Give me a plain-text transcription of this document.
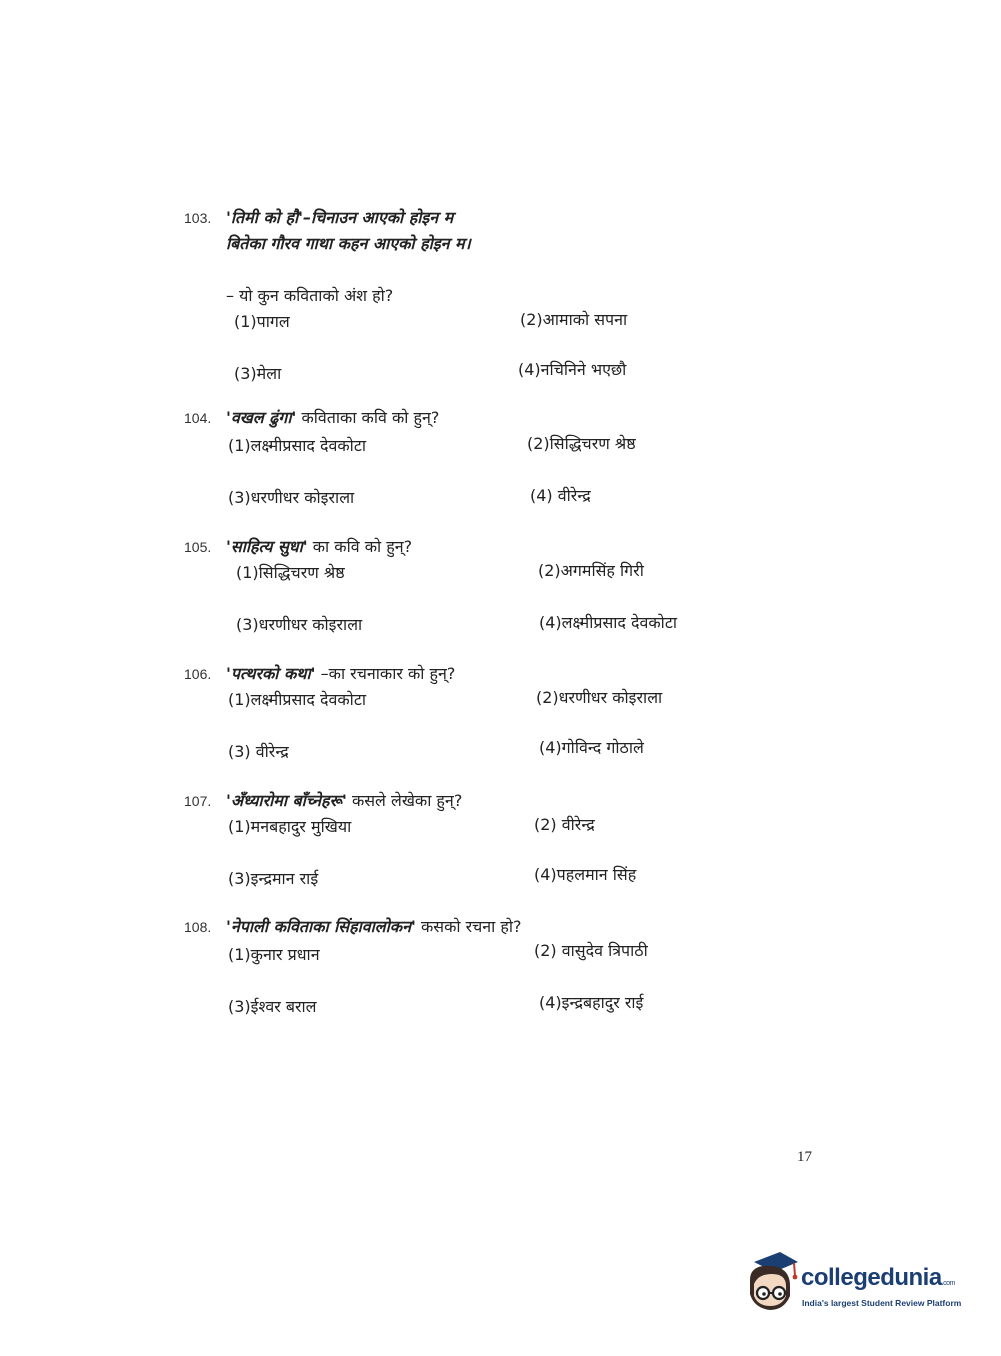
103. 'तिमी को हौ'–चिनाउन आएको होइन म
बितेका गौरव गाथा कहन आएको होइन म।
– यो कुन कविताको अंश हो?
(1)पागल	(2)आमाको सपना
(3)मेला	(4)नचिनिने भएछौ
104. 'वखल ढुंगा' कविताका कवि को हुन्?
(1)लक्ष्मीप्रसाद देवकोटा	(2)सिद्धिचरण श्रेष्ठ
(3)धरणीधर कोइराला	(4) वीरेन्द्र
105. 'साहित्य सुधा' का कवि को हुन्?
(1)सिद्धिचरण श्रेष्ठ	(2)अगमसिंह गिरी
(3)धरणीधर कोइराला	(4)लक्ष्मीप्रसाद देवकोटा
106. 'पत्थरको कथा' –का रचनाकार को हुन्?
(1)लक्ष्मीप्रसाद देवकोटा	(2)धरणीधर कोइराला
(3) वीरेन्द्र	(4)गोविन्द गोठाले
107. 'अँध्यारोमा बाँच्नेहरू' कसले लेखेका हुन्?
(1)मनबहादुर मुखिया	(2) वीरेन्द्र
(3)इन्द्रमान राई	(4)पहलमान सिंह
108. 'नेपाली कविताका सिंहावालोकन' कसको रचना हो?
(1)कुनार प्रधान	(2) वासुदेव त्रिपाठी
(3)ईश्वर बराल	(4)इन्द्रबहादुर राई
17
collegedunia.com
India's largest Student Review Platform
